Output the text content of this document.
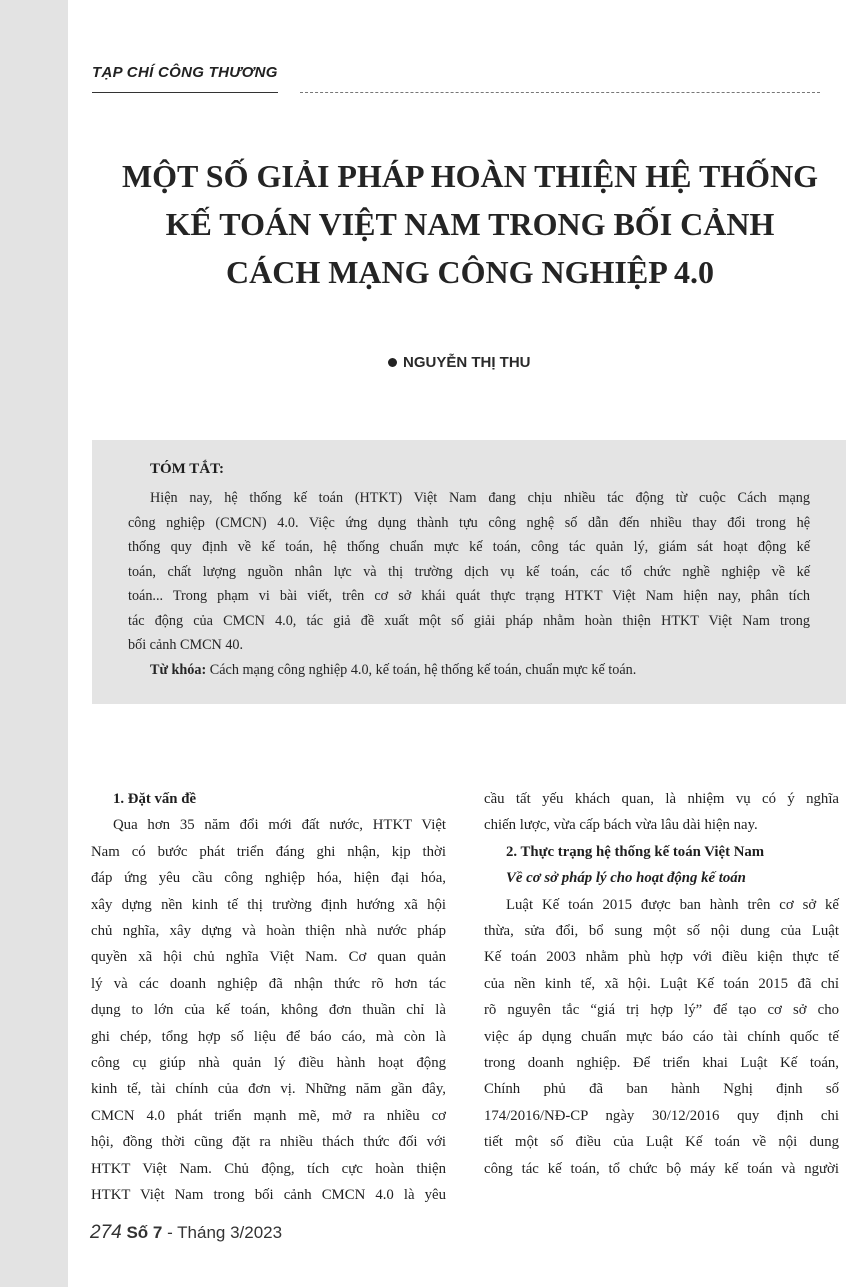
TẠP CHÍ CÔNG THƯƠNG
MỘT SỐ GIẢI PHÁP HOÀN THIỆN HỆ THỐNG
KẾ TOÁN VIỆT NAM TRONG BỐI CẢNH
CÁCH MẠNG CÔNG NGHIỆP 4.0
NGUYỄN THỊ THU
TÓM TẮT:
Hiện nay, hệ thống kế toán (HTKT) Việt Nam đang chịu nhiều tác động từ cuộc Cách mạng
công nghiệp (CMCN) 4.0. Việc ứng dụng thành tựu công nghệ số dẫn đến nhiều thay đổi trong hệ
thống quy định về kế toán, hệ thống chuẩn mực kế toán, công tác quản lý, giám sát hoạt động kế
toán, chất lượng nguồn nhân lực và thị trường dịch vụ kế toán, các tổ chức nghề nghiệp về kế
toán... Trong phạm vi bài viết, trên cơ sở khái quát thực trạng HTKT Việt Nam hiện nay, phân tích
tác động của CMCN 4.0, tác giả đề xuất một số giải pháp nhằm hoàn thiện HTKT Việt Nam trong
bối cảnh CMCN 40.
Từ khóa: Cách mạng công nghiệp 4.0, kế toán, hệ thống kế toán, chuẩn mực kế toán.
1. Đặt vấn đề
Qua hơn 35 năm đổi mới đất nước, HTKT Việt
Nam có bước phát triển đáng ghi nhận, kịp thời
đáp ứng yêu cầu công nghiệp hóa, hiện đại hóa,
xây dựng nền kinh tế thị trường định hướng xã hội
chủ nghĩa, xây dựng và hoàn thiện nhà nước pháp
quyền xã hội chủ nghĩa Việt Nam. Cơ quan quản
lý và các doanh nghiệp đã nhận thức rõ hơn tác
dụng to lớn của kế toán, không đơn thuần chỉ là
ghi chép, tổng hợp số liệu để báo cáo, mà còn là
công cụ giúp nhà quản lý điều hành hoạt động
kinh tế, tài chính của đơn vị. Những năm gần đây,
CMCN 4.0 phát triển mạnh mẽ, mở ra nhiều cơ
hội, đồng thời cũng đặt ra nhiều thách thức đối với
HTKT Việt Nam. Chủ động, tích cực hoàn thiện
HTKT Việt Nam trong bối cảnh CMCN 4.0 là yêu
cầu tất yếu khách quan, là nhiệm vụ có ý nghĩa
chiến lược, vừa cấp bách vừa lâu dài hiện nay.
2. Thực trạng hệ thống kế toán Việt Nam
Về cơ sở pháp lý cho hoạt động kế toán
Luật Kế toán 2015 được ban hành trên cơ sở kế
thừa, sửa đổi, bổ sung một số nội dung của Luật
Kế toán 2003 nhằm phù hợp với điều kiện thực tế
của nền kinh tế, xã hội. Luật Kế toán 2015 đã chỉ
rõ nguyên tắc “giá trị hợp lý” để tạo cơ sở cho
việc áp dụng chuẩn mực báo cáo tài chính quốc tế
trong doanh nghiệp. Để triển khai Luật Kế toán,
Chính phủ đã ban hành Nghị định số
174/2016/NĐ-CP ngày 30/12/2016 quy định chi
tiết một số điều của Luật Kế toán về nội dung
công tác kế toán, tổ chức bộ máy kế toán và người
274 Số 7 - Tháng 3/2023
